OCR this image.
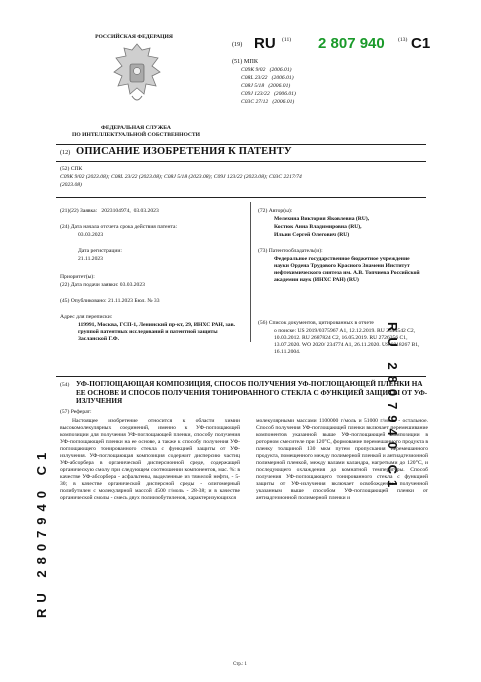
РОССИЙСКАЯ ФЕДЕРАЦИЯ
(19) RU (11) 2 807 940 (13) C1
(51) МПК
C09K 9/02   (2006.01)
C08L 23/22   (2006.01)
C08J 5/18   (2006.01)
C09J 123/22   (2006.01)
C03C 27/12   (2006.01)
ФЕДЕРАЛЬНАЯ СЛУЖБА
ПО ИНТЕЛЛЕКТУАЛЬНОЙ СОБСТВЕННОСТИ
(12) ОПИСАНИЕ ИЗОБРЕТЕНИЯ К ПАТЕНТУ
(52) СПК
C09K 9/02 (2023.08); C08L 23/22 (2023.08); C08J 5/18 (2023.08); C09J 123/22 (2023.08); C03C 2217/74
(2023.08)
(21)(22) Заявка:   2023104974,  03.03.2023
(24) Дата начала отсчета срока действия патента:
03.03.2023
Дата регистрации:
21.11.2023
Приоритет(ы):
(22) Дата подачи заявки: 03.03.2023
(45) Опубликовано: 21.11.2023 Бюл. № 33
Адрес для переписки:
119991, Москва, ГСП-1, Ленинский пр-кт, 29, ИНХС РАН, зав. группой патентных исследований и патентной защиты Засланской Г.Ф.
(72) Автор(ы):
Мелехина Виктория Яковлевна (RU),
Костюк Анна Владимировна (RU),
Ильин Сергей Олегович (RU)
(73) Патентообладатель(и):
Федеральное государственное бюджетное учреждение науки Ордена Трудового Красного Знамени Институт нефтехимического синтеза им. А.В. Топчиева Российской академии наук (ИНХС РАН) (RU)
(56) Список документов, цитированных в отчете
о поиске: US 2019/0375967 A1, 12.12.2019. RU 2444542 C2, 10.03.2012. RU 2687824 C2, 16.05.2019. RU 2726356 C1, 13.07.2020. WO 2020/ 234774 A1, 26.11.2020. US 6818267 B1, 16.11.2004.
(54) УФ-ПОГЛОЩАЮЩАЯ КОМПОЗИЦИЯ, СПОСОБ ПОЛУЧЕНИЯ УФ-ПОГЛОЩАЮЩЕЙ ПЛЕНКИ НА ЕЕ ОСНОВЕ И СПОСОБ ПОЛУЧЕНИЯ ТОНИРОВАННОГО СТЕКЛА С ФУНКЦИЕЙ ЗАЩИТЫ ОТ УФ-ИЗЛУЧЕНИЯ
(57) Реферат:
Настоящее изобретение относится к области химии высокомолекулярных соединений, именно к УФ-поглощающей композиции для получения УФ-поглощающей пленки, способу получения УФ-поглощающей пленки на ее основе, а также к способу получения УФ-поглощающего тонированного стекла с функцией защиты от УФ-излучения. УФ-поглощающая композиция содержит дисперсию частиц УФ-абсорбера в органической дисперсионной среде, содержащей органическую смолу при следующем соотношении компонентов, мас. %: в качестве УФ-абсорбера - асфальтены, выделенные из тяжелой нефти, - 5-30; в качестве органической дисперсной среды - олигомерный полибутилен с молекулярной массой 4500 г/моль - 28-38; и в качестве органической смолы - смесь двух полиизобутиленов, характеризующихся
молекулярными массами 1100000 г/моль и 51000 г/моль - остальное. Способ получения УФ-поглощающей пленки включает перемешивание компонентов указанной выше УФ-поглощающей композиции в роторном смесителе при 120°C, формование перемешанного продукта в пленку толщиной 130 мкм путем пропускания перемешанного продукта, помещенного между полимерной пленкой и антиадгезионной полимерной пленкой, между валами каландра, нагретыми до 120°C, и последующего охлаждения до комнатной температуры. Способ получения УФ-поглощающего тонированного стекла с функцией защиты от УФ-излучения включает освобождение полученной указанным выше способом УФ-поглощающей пленки от антиадгезионной полимерной пленки и
RU 2807940 C1
RU 2807940 C1
Стр.: 1
